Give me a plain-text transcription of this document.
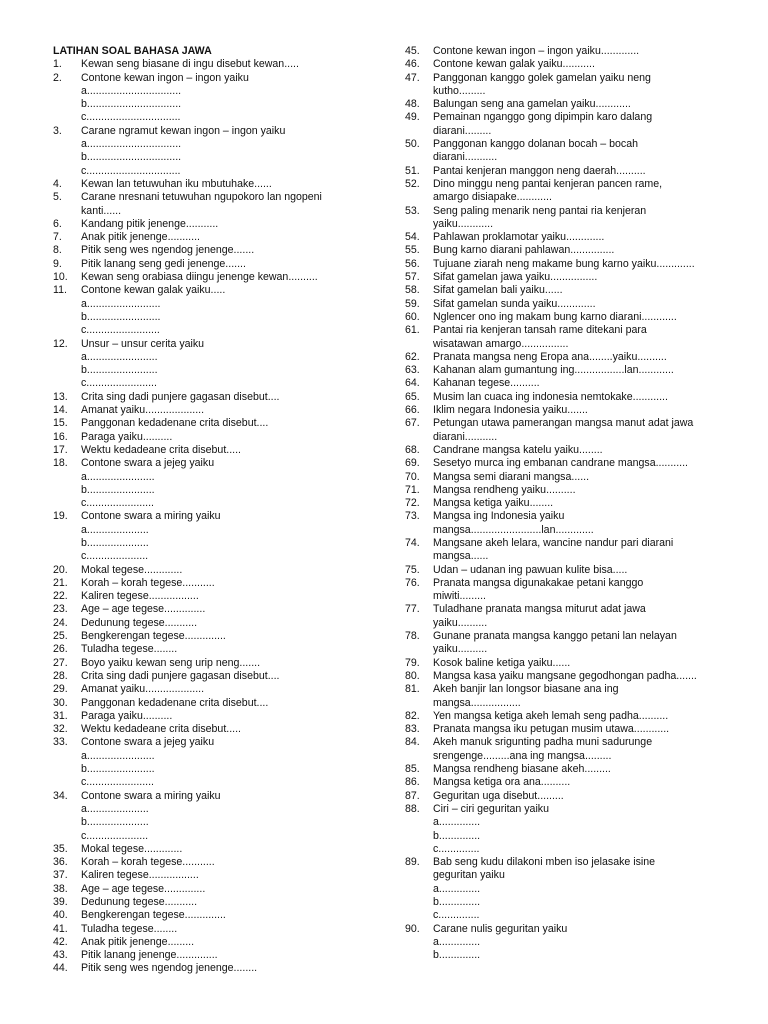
LATIHAN SOAL BAHASA JAWA
1.	Kewan seng biasane di ingu disebut kewan.....
2.	Contone kewan ingon – ingon yaiku
a................................
b................................
c................................
3.	Carane ngramut kewan ingon – ingon yaiku
a................................
b................................
c................................
4.	Kewan lan tetuwuhan iku mbutuhake......
5.	Carane nresnani tetuwuhan ngupokoro lan ngopeni
kanti......
6.	Kandang pitik jenenge...........
7.	Anak pitik jenenge...........
8.	Pitik seng wes ngendog jenenge.......
9.	Pitik lanang seng gedi jenenge.......
10.	Kewan seng orabiasa diingu jenenge kewan..........
11.	Contone kewan galak yaiku.....
a.........................
b.........................
c.........................
12.	Unsur – unsur cerita yaiku
a........................
b........................
c........................
13.	Crita sing dadi punjere gagasan disebut....
14.	Amanat yaiku....................
15.	Panggonan kedadenane crita disebut....
16.	Paraga yaiku..........
17.	Wektu kedadeane crita disebut.....
18.	Contone swara a jejeg yaiku
a.......................
b.......................
c.......................
19.	Contone swara a miring yaiku
a.....................
b.....................
c.....................
20.	Mokal tegese.............
21.	Korah – korah tegese...........
22.	Kaliren tegese.................
23.	Age – age tegese..............
24.	Dedunung tegese...........
25.	Bengkerengan tegese..............
26.	Tuladha tegese........
27.	Boyo yaiku kewan seng urip neng.......
28.	Crita sing dadi punjere gagasan disebut....
29.	Amanat yaiku....................
30.	Panggonan kedadenane crita disebut....
31.	Paraga yaiku..........
32.	Wektu kedadeane crita disebut.....
33.	Contone swara a jejeg yaiku
a.......................
b.......................
c.......................
34.	Contone swara a miring yaiku
a.....................
b.....................
c.....................
35.	Mokal tegese.............
36.	Korah – korah tegese...........
37.	Kaliren tegese.................
38.	Age – age tegese..............
39.	Dedunung tegese...........
40.	Bengkerengan tegese..............
41.	Tuladha tegese........
42.	Anak pitik jenenge.........
43.	Pitik lanang jenenge..............
44.	Pitik seng wes ngendog jenenge........
45.	Contone kewan ingon – ingon yaiku.............
46.	Contone kewan galak yaiku...........
47.	Panggonan kanggo golek gamelan yaiku neng
kutho.........
48.	Balungan seng ana gamelan yaiku............
49.	Pemainan nganggo gong dipimpin karo dalang
diarani.........
50.	Panggonan kanggo dolanan bocah – bocah
diarani...........
51.	Pantai kenjeran manggon neng daerah..........
52.	Dino minggu neng pantai kenjeran pancen rame,
amargo disiapake............
53.	Seng paling menarik neng pantai ria kenjeran
yaiku............
54.	Pahlawan proklamotar yaiku.............
55.	Bung karno diarani pahlawan...............
56.	Tujuane ziarah neng makame bung karno yaiku.............
57.	Sifat gamelan jawa yaiku................
58.	Sifat gamelan bali yaiku......
59.	Sifat gamelan sunda yaiku.............
60.	Nglencer ono ing makam bung karno diarani............
61.	Pantai ria kenjeran tansah rame ditekani para
wisatawan amargo................
62.	Pranata mangsa neng Eropa ana........yaiku..........
63.	Kahanan alam gumantung ing.................lan............
64.	Kahanan tegese..........
65.	Musim lan cuaca ing indonesia nemtokake............
66.	Iklim negara Indonesia yaiku.......
67.	Petungan utawa pamerangan mangsa manut adat jawa
diarani...........
68.	Candrane mangsa katelu yaiku........
69.	Sesetyo murca ing embanan candrane mangsa...........
70.	Mangsa semi diarani mangsa......
71.	Mangsa rendheng yaiku..........
72.	Mangsa ketiga yaiku........
73.	Mangsa ing Indonesia yaiku
mangsa........................lan.............
74.	Mangsane akeh lelara, wancine nandur pari diarani
mangsa......
75.	Udan – udanan ing pawuan kulite bisa.....
76.	Pranata mangsa digunakakae petani kanggo
miwiti.........
77.	Tuladhane pranata mangsa miturut adat jawa
yaiku..........
78.	Gunane pranata mangsa kanggo petani lan nelayan
yaiku..........
79.	Kosok baline ketiga yaiku......
80.	Mangsa kasa yaiku mangsane gegodhongan padha.......
81.	Akeh banjir lan longsor biasane ana ing
mangsa.................
82.	Yen mangsa ketiga akeh lemah seng padha..........
83.	Pranata mangsa iku petugan musim utawa............
84.	Akeh manuk srigunting padha muni sadurunge
srengenge.........ana ing mangsa.........
85.	Mangsa rendheng biasane akeh.........

86.	Mangsa ketiga ora ana..........
87.	Geguritan uga disebut.........
88.	Ciri – ciri geguritan yaiku
a..............
b..............
c..............
89.	Bab seng kudu dilakoni mben iso jelasake isine
geguritan yaiku
a..............
b..............
c..............
90.	Carane nulis geguritan yaiku
a..............
b..............
